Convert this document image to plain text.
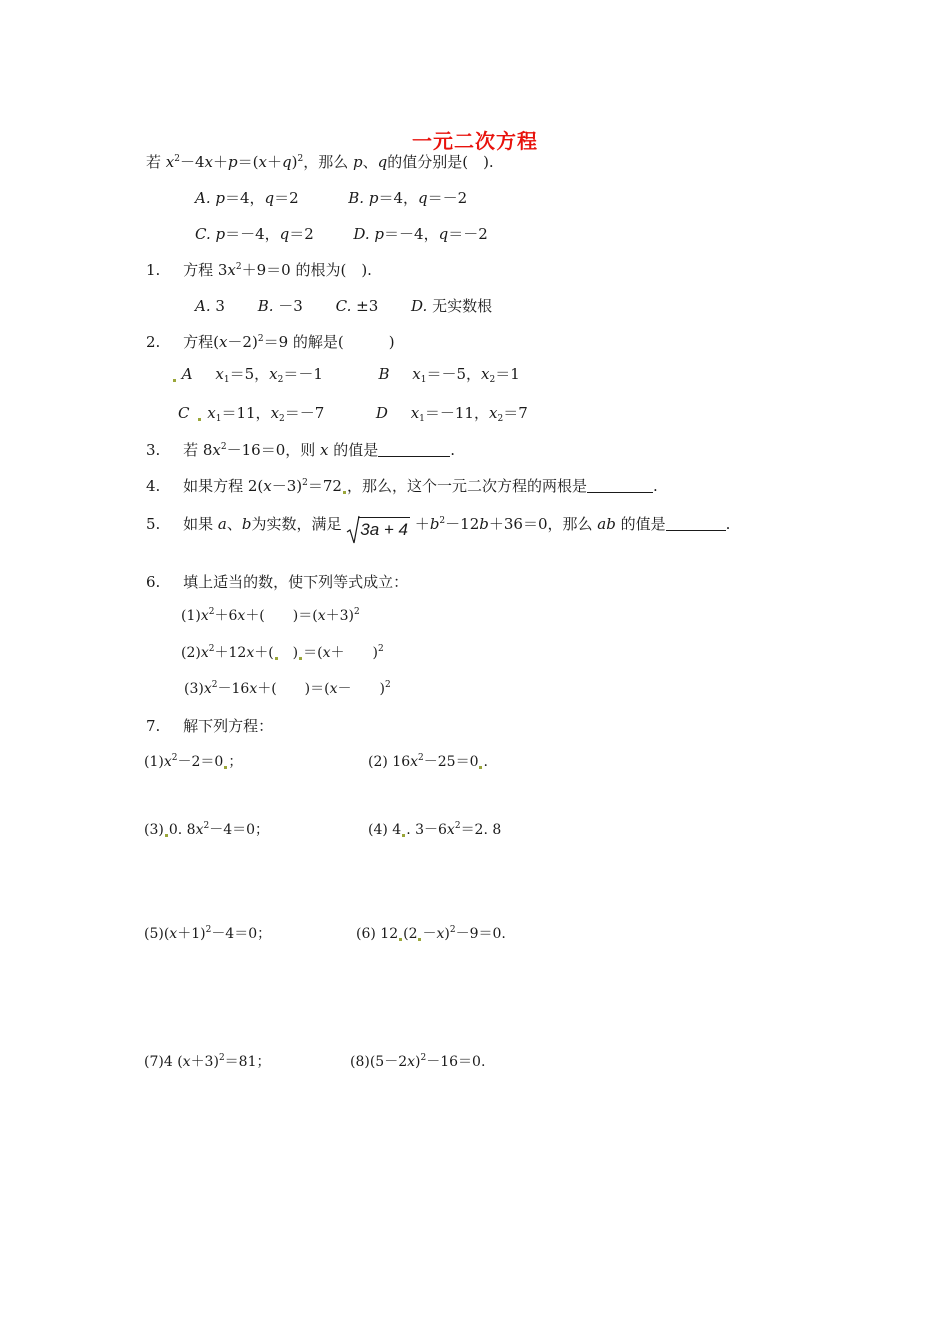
一元二次方程
若 $x^2-4x+p=(x+q)^2$，那么 p、q的值分别是(　).
A. p＝4，q＝2	B. p＝4，q＝－2
C. p＝－4，q＝2	D. p＝－4，q＝－2
1. 方程 $3x^2+9=0$ 的根为(　).
A. 3 B. －3 C. ±3 D. 无实数根
2. 方程$(x-2)^2=9$ 的解是(　　　)
A $x_1=5$，$x_2=-1$	B $x_1=-5$，$x_2=1$
C $x_1=11$，$x_2=-7$	D $x_1=-11$，$x_2=7$
3. 若 $8x^2-16=0$，则 x 的值是	.
4. 如果方程 $2(x-3)^2=72$ ，那么，这个一元二次方程的两根是	.
5. 如果 a、b为实数，满足 $3a + 4 +b^2-12b+36=0$，那么 ab 的值是	.
6. 填上适当的数，使下列等式成立：
$(1)x^2+6x+$(　　)$=(x+3)^2$
$(2)x^2+12x+$(　) ＝(x＋　　)$^2$
$(3)x^2-16x+$(　　)＝(x－　　)$^2$
7. 解下列方程：
$(1)x^2-2=0$ ；	(2) $16x^2-25=0$ .
(3) 0. $8x^2-4=0$；	(4) 4 . $3-6x^2=2$. 8
$(5)(x+1)^2-4=0$；	(6) 12 $(2 -x)^2-9=0$.
(7)4 $(x+3)^2=81$；	$(8)(5-2x)^2-16=0$.
